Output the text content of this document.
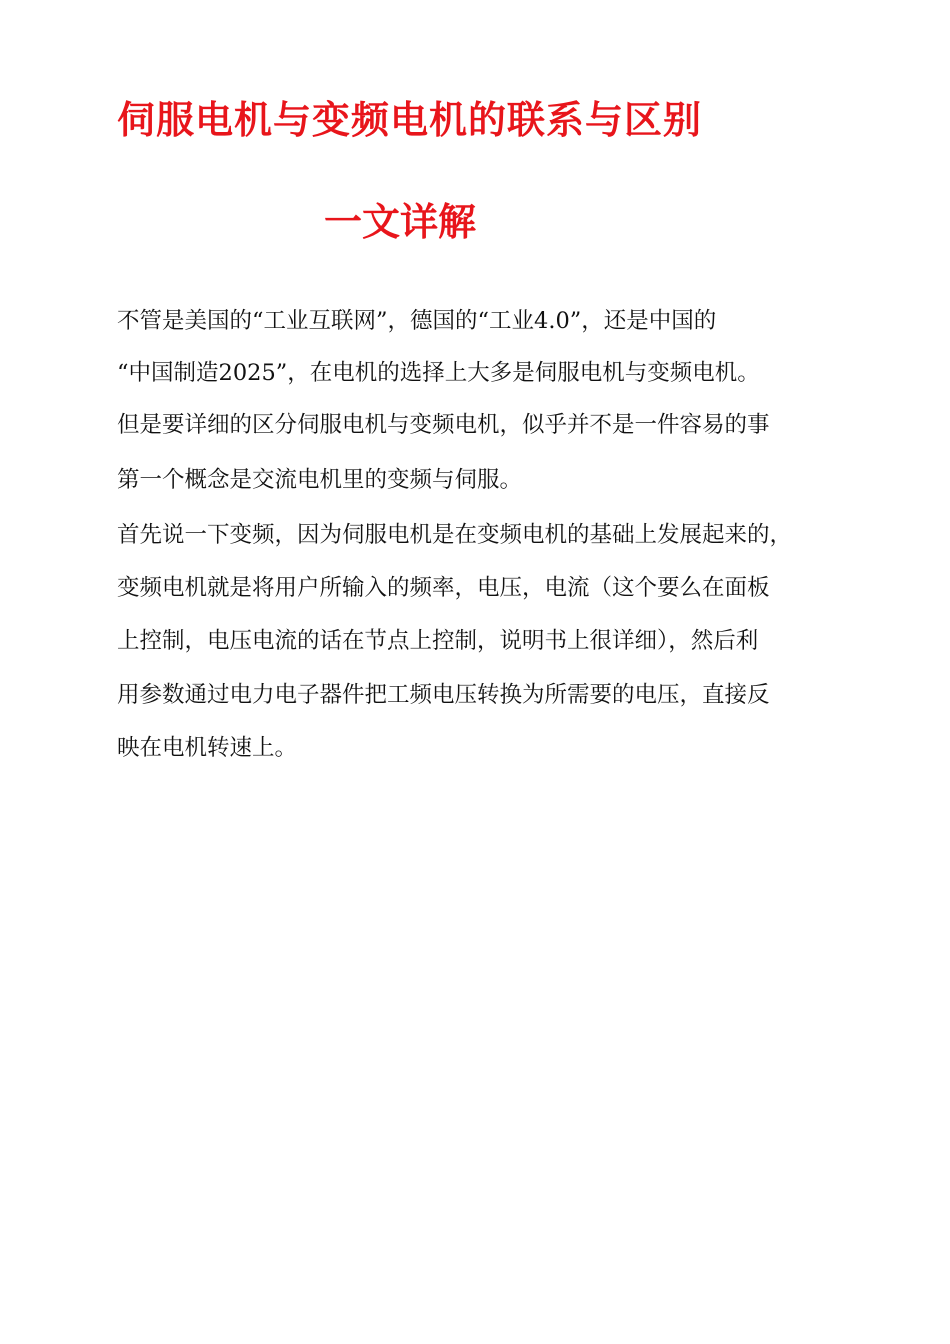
伺服电机与变频电机的联系与区别
一文详解

不管是美国的“工业互联网”，德国的“工业4.0”，还是中国的

“中国制造2025”，在电机的选择上大多是伺服电机与变频电机。

但是要详细的区分伺服电机与变频电机，似乎并不是一件容易的事

第一个概念是交流电机里的变频与伺服。

首先说一下变频，因为伺服电机是在变频电机的基础上发展起来的，

变频电机就是将用户所输入的频率，电压，电流（这个要么在面板

上控制，电压电流的话在节点上控制，说明书上很详细），然后利

用参数通过电力电子器件把工频电压转换为所需要的电压，直接反

映在电机转速上。
